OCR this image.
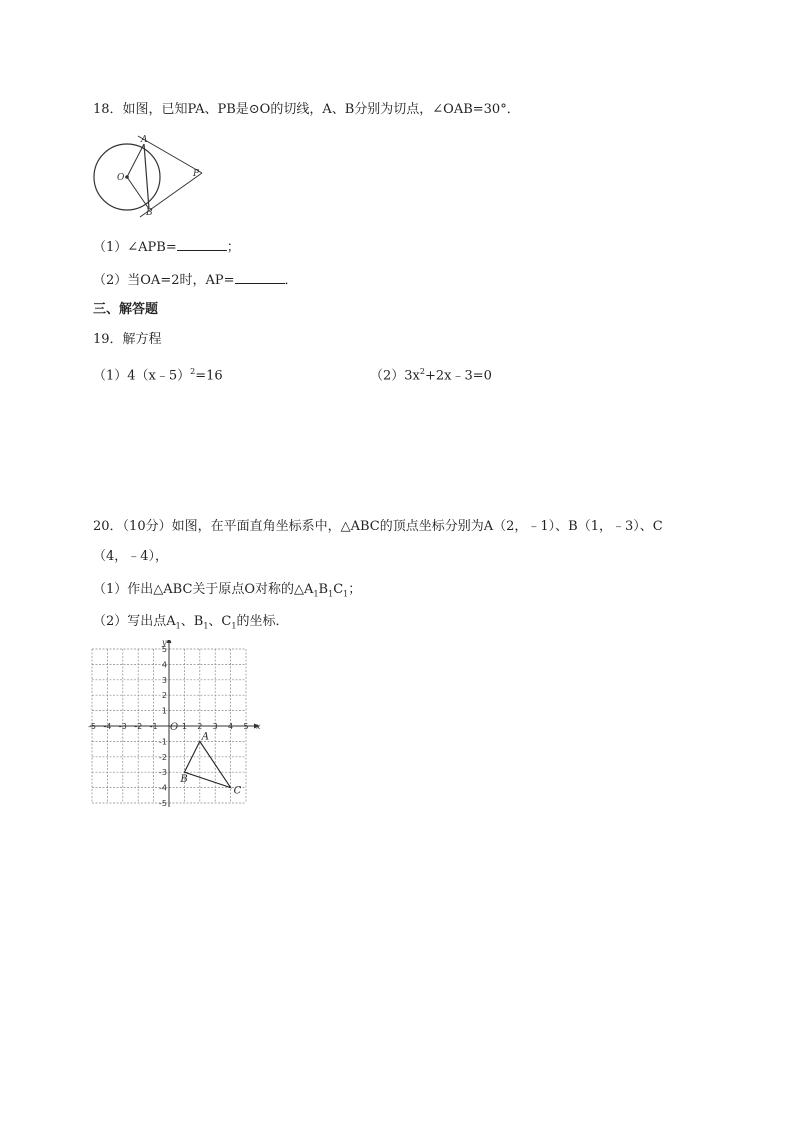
18．如图，已知PA、PB是⊙O的切线，A、B分别为切点，∠OAB=30°．
A
O	P
B
（1）∠APB=	；
（2）当OA=2时，AP=	．
三、解答题
19．解方程
（1）4（x﹣5）$^2$=16	$(2)3x^2+2x﹣3=0$
20．（10分）如图，在平面直角坐标系中，△ABC的顶点坐标分别为A（2，﹣1）、B（1，﹣3）、C
（4，﹣4），
（1）作出△ABC关于原点O对称的$\triangle A_1B_1C_1$；
（2）写出点$A_1$、$B_1$、$C_1$的坐标．
-5 -4 -3 -2 -1	1 2 3 4 5
5
4
3
2
1
-1
-2
-3
-4
-5
O	x
y
A
B
C
